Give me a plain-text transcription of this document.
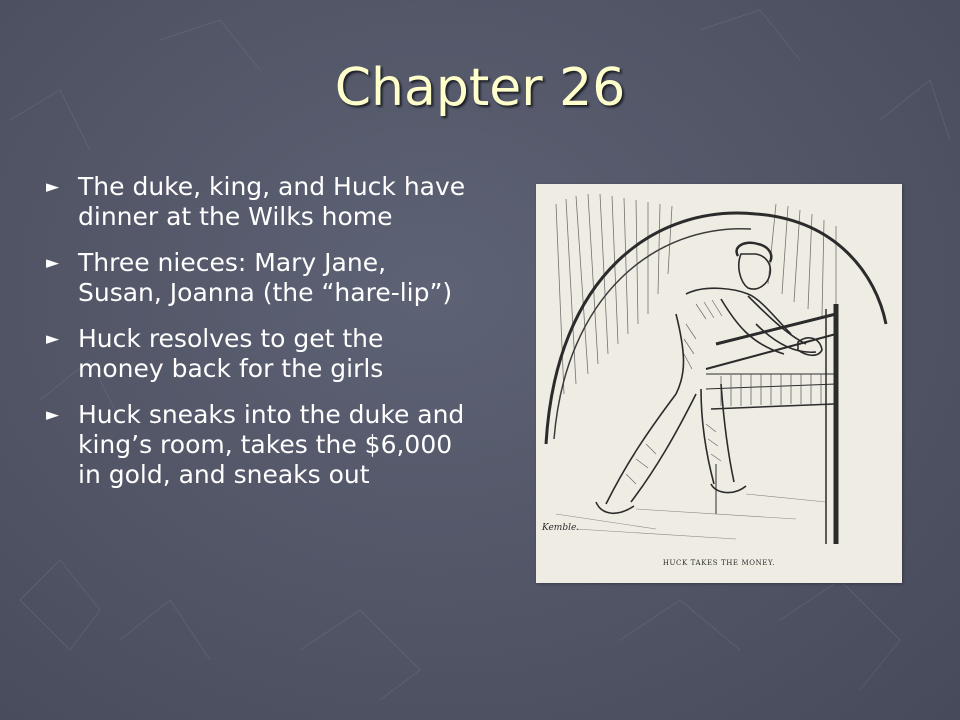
Chapter 26
► The duke, king, and Huck have dinner at the Wilks home
► Three nieces: Mary Jane, Susan, Joanna (the “hare-lip”)
► Huck resolves to get the money back for the girls
► Huck sneaks into the duke and king’s room, takes the $6,000 in gold, and sneaks out
HUCK TAKES THE MONEY.
Kemble.
